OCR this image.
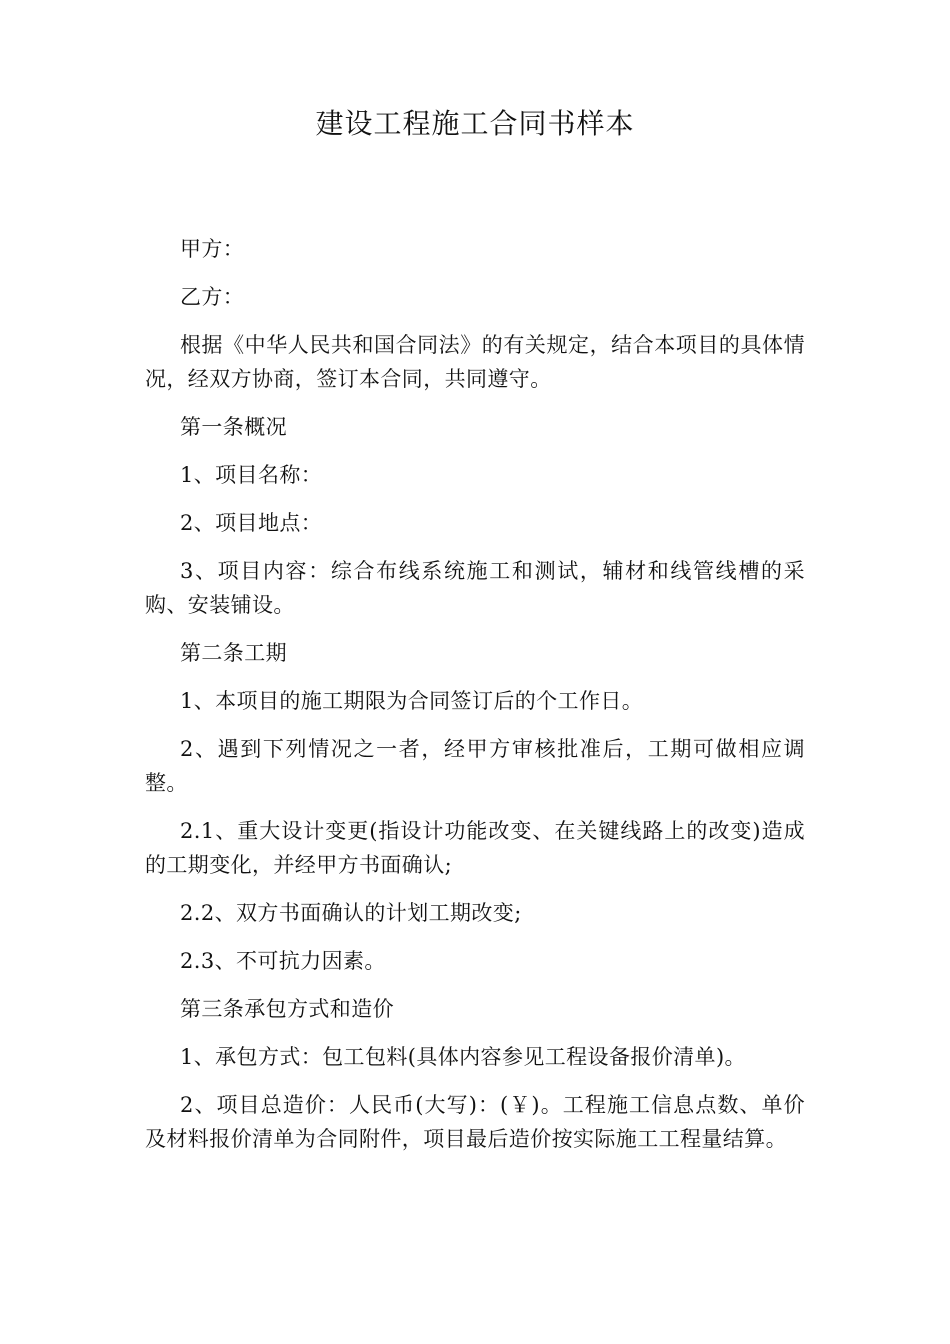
建设工程施工合同书样本

甲方：

乙方：

根据《中华人民共和国合同法》的有关规定，结合本项目的具体情况，经双方协商，签订本合同，共同遵守。

第一条概况

1、项目名称：

2、项目地点：

3、项目内容：综合布线系统施工和测试，辅材和线管线槽的采购、安装铺设。

第二条工期

1、本项目的施工期限为合同签订后的个工作日。

2、遇到下列情况之一者，经甲方审核批准后，工期可做相应调整。

2.1、重大设计变更(指设计功能改变、在关键线路上的改变)造成的工期变化，并经甲方书面确认;

2.2、双方书面确认的计划工期改变;

2.3、不可抗力因素。

第三条承包方式和造价

1、承包方式：包工包料(具体内容参见工程设备报价清单)。

2、项目总造价：人民币(大写)：(￥)。工程施工信息点数、单价及材料报价清单为合同附件，项目最后造价按实际施工工程量结算。
